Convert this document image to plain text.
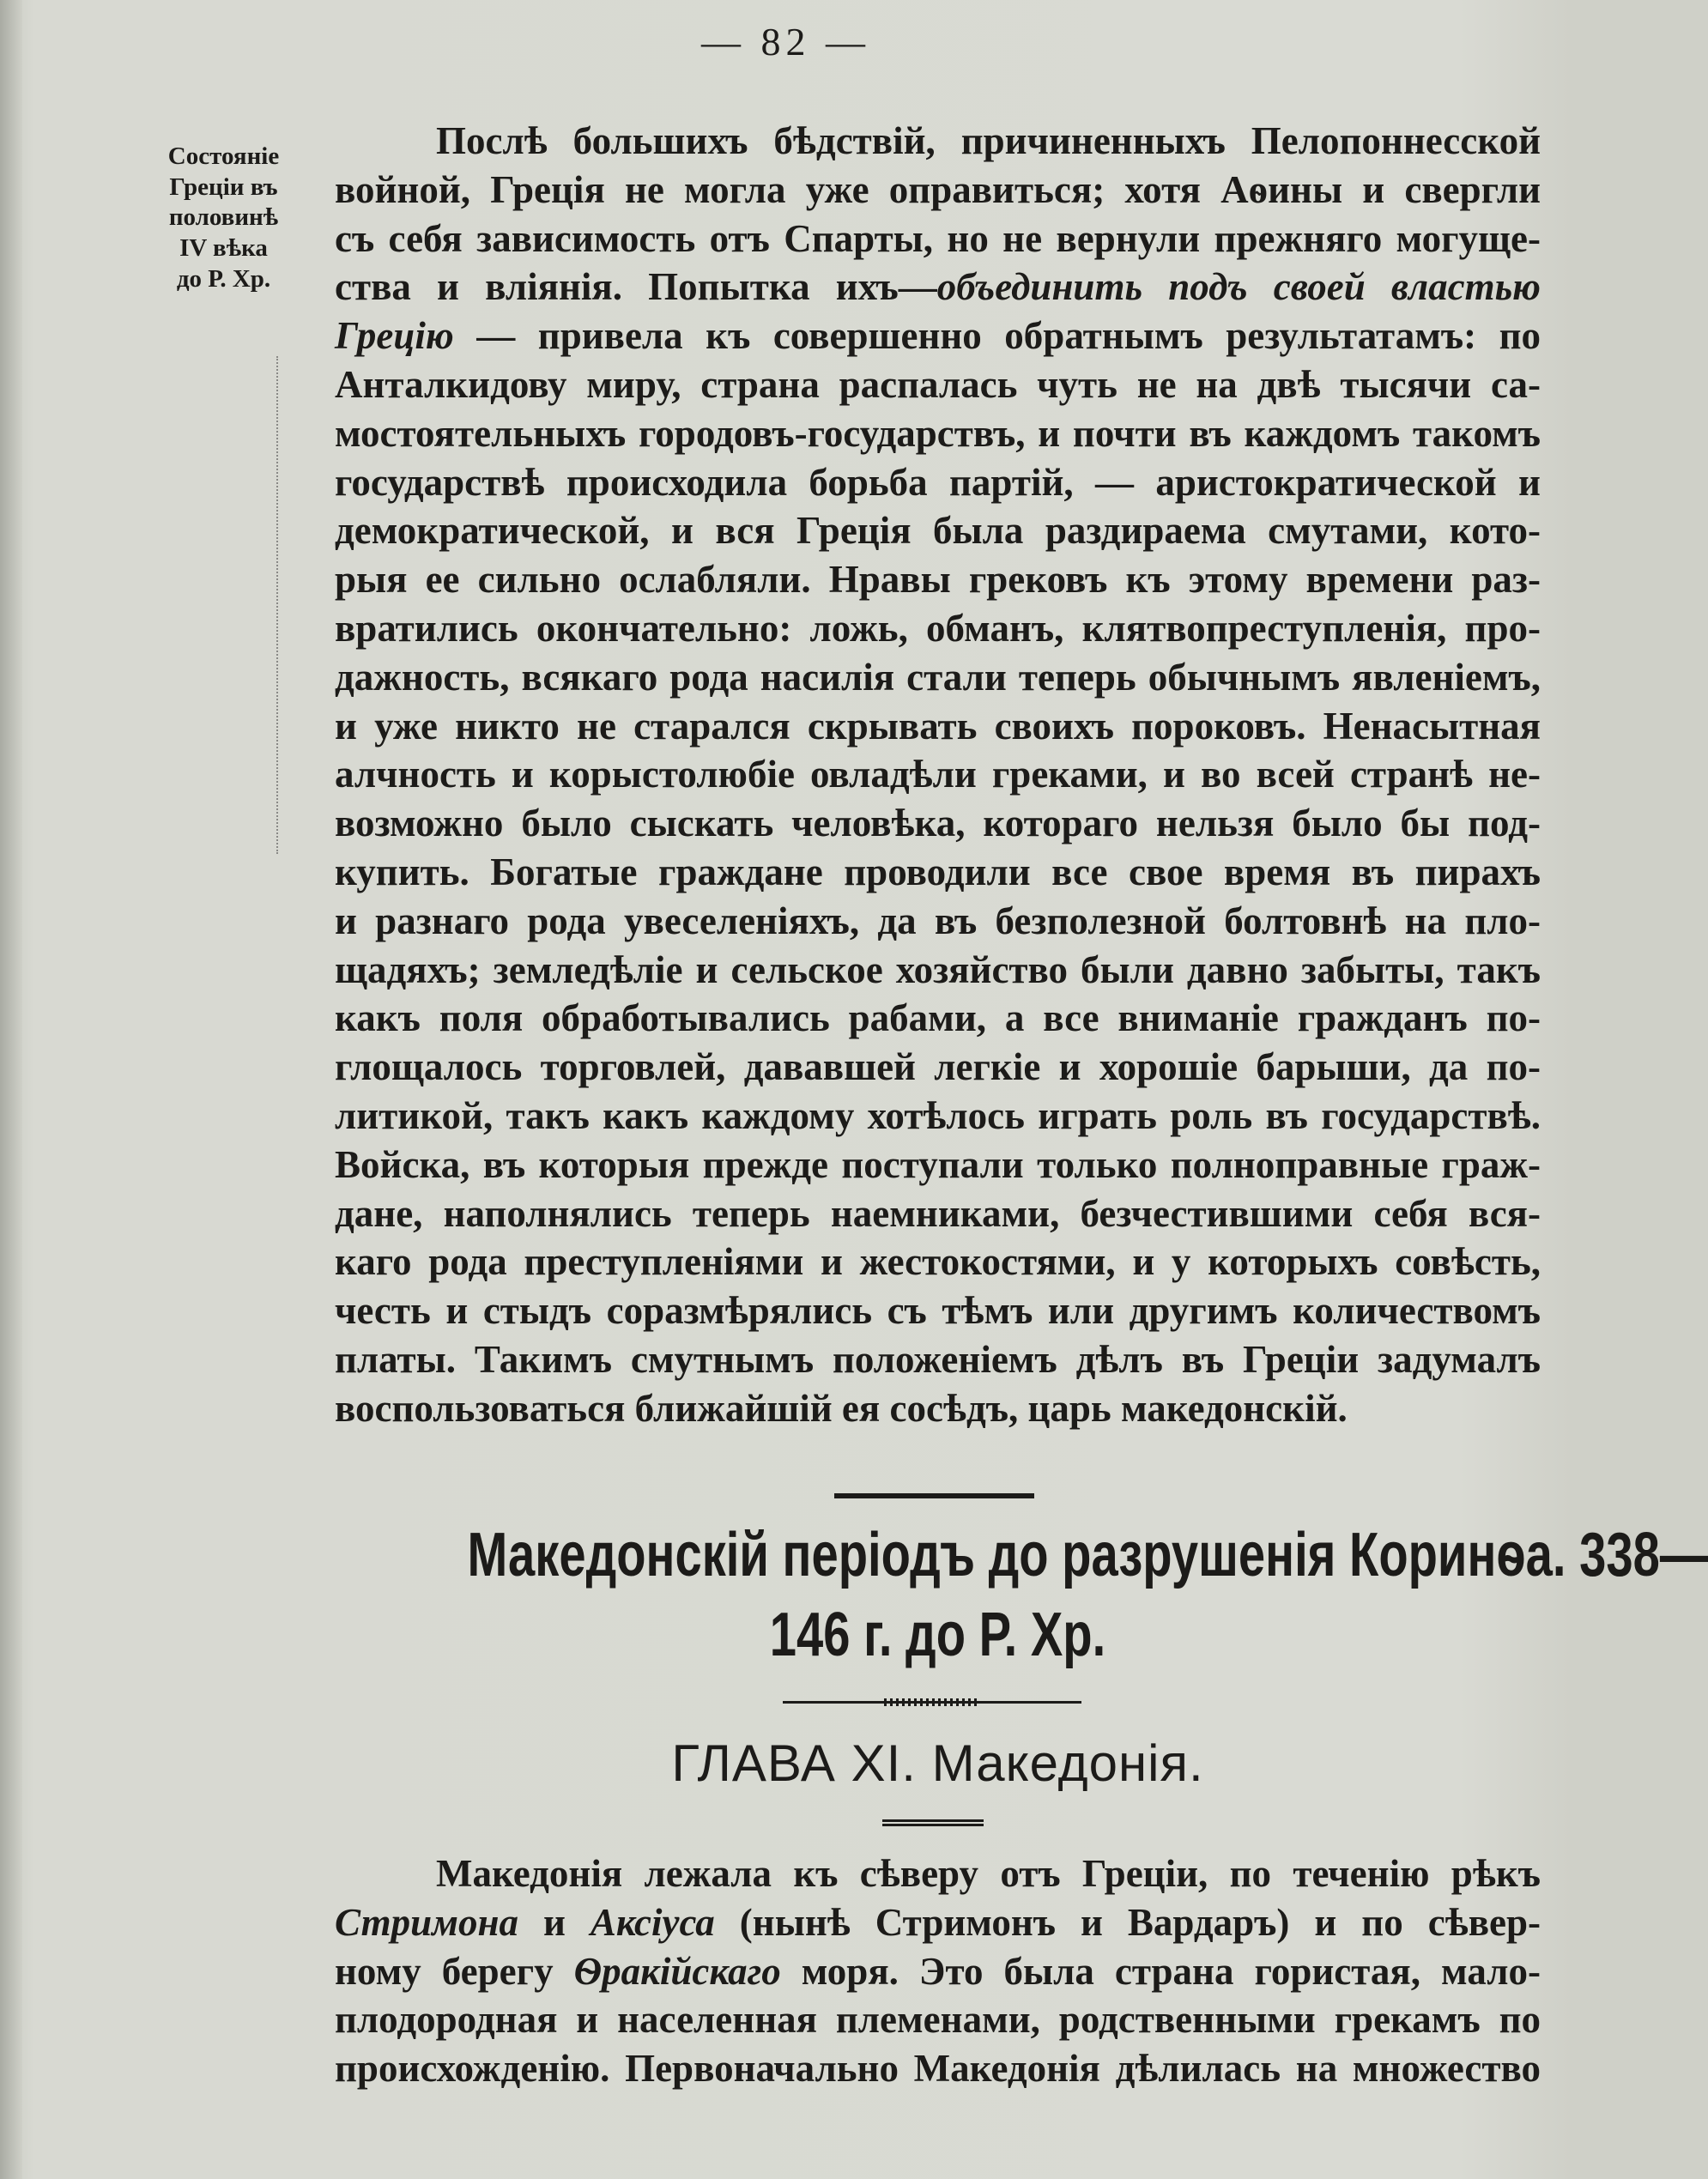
— 82 —
Состояніе
Греціи въ
половинѣ
IV вѣка
до Р. Хр.
Послѣ большихъ бѣдствій, причиненныхъ Пелопоннесской
войной, Греція не могла уже оправиться; хотя Аѳины и свергли
съ себя зависимость отъ Спарты, но не вернули прежняго могуще-
ства и вліянія. Попытка ихъ—объединить подъ своей властью
Грецію — привела къ совершенно обратнымъ результатамъ: по
Анталкидову миру, страна распалась чуть не на двѣ тысячи са-
мостоятельныхъ городовъ-государствъ, и почти въ каждомъ такомъ
государствѣ происходила борьба партій, — аристократической и
демократической, и вся Греція была раздираема смутами, кото-
рыя ее сильно ослабляли. Нравы грековъ къ этому времени раз-
вратились окончательно: ложь, обманъ, клятвопреступленія, про-
дажность, всякаго рода насилія стали теперь обычнымъ явленіемъ,
и уже никто не старался скрывать своихъ пороковъ. Ненасытная
алчность и корыстолюбіе овладѣли греками, и во всей странѣ не-
возможно было сыскать человѣка, котораго нельзя было бы под-
купить. Богатые граждане проводили все свое время въ пирахъ
и разнаго рода увеселеніяхъ, да въ безполезной болтовнѣ на пло-
щадяхъ; земледѣліе и сельское хозяйство были давно забыты, такъ
какъ поля обработывались рабами, а все вниманіе гражданъ по-
глощалось торговлей, дававшей легкіе и хорошіе барыши, да по-
литикой, такъ какъ каждому хотѣлось играть роль въ государствѣ.
Войска, въ которыя прежде поступали только полноправные граж-
дане, наполнялись теперь наемниками, безчестившими себя вся-
каго рода преступленіями и жестокостями, и у которыхъ совѣсть,
честь и стыдъ соразмѣрялись съ тѣмъ или другимъ количествомъ
платы. Такимъ смутнымъ положеніемъ дѣлъ въ Греціи задумалъ
воспользоваться ближайшій ея сосѣдъ, царь македонскій.
Македонскій періодъ до разрушенія Коринѳа. 338—
146 г. до Р. Хр.
ГЛАВА XI. Македонія.
Македонія лежала къ сѣверу отъ Греціи, по теченію рѣкъ
Стримона и Аксіуса (нынѣ Стримонъ и Вардаръ) и по сѣвер-
ному берегу Ѳракійскаго моря. Это была страна гористая, мало-
плодородная и населенная племенами, родственными грекамъ по
происхожденію. Первоначально Македонія дѣлилась на множество
